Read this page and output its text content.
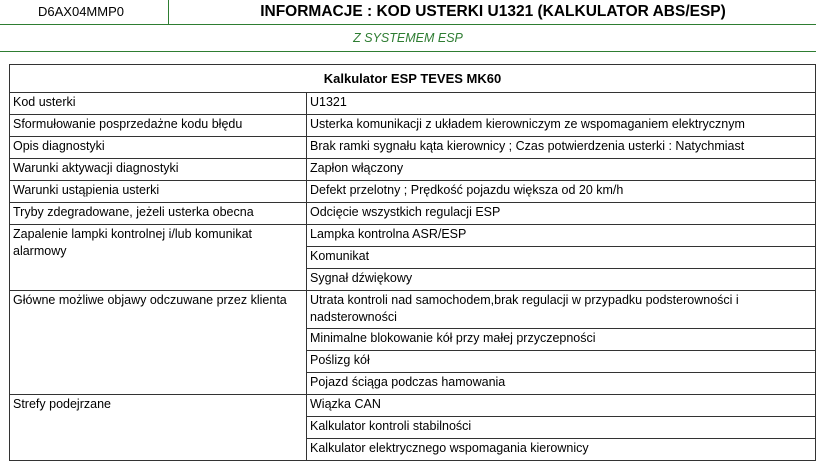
D6AX04MMP0	INFORMACJE : KOD USTERKI U1321 (KALKULATOR ABS/ESP)
Z SYSTEMEM ESP
Kalkulator ESP TEVES MK60	
Kod usterki	U1321
Sformułowanie posprzedażne kodu błędu	Usterka komunikacji z układem kierowniczym ze wspomaganiem elektrycznym
Opis diagnostyki	Brak ramki sygnału kąta kierownicy ; Czas potwierdzenia usterki : Natychmiast
Warunki aktywacji diagnostyki	Zapłon włączony
Warunki ustąpienia usterki	Defekt przelotny ; Prędkość pojazdu większa od 20 km/h
Tryby zdegradowane, jeżeli usterka obecna	Odcięcie wszystkich regulacji ESP
Zapalenie lampki kontrolnej i/lub komunikat alarmowy	Lampka kontrolna ASR/ESP
	Komunikat
	Sygnał dźwiękowy
Główne możliwe objawy odczuwane przez klienta	Utrata kontroli nad samochodem,brak regulacji w przypadku podsterowności i nadsterowności
	Minimalne blokowanie kół przy małej przyczepności
	Poślizg kół
	Pojazd ściąga podczas hamowania
Strefy podejrzane	Wiązka CAN
	Kalkulator kontroli stabilności
	Kalkulator elektrycznego wspomagania kierownicy
